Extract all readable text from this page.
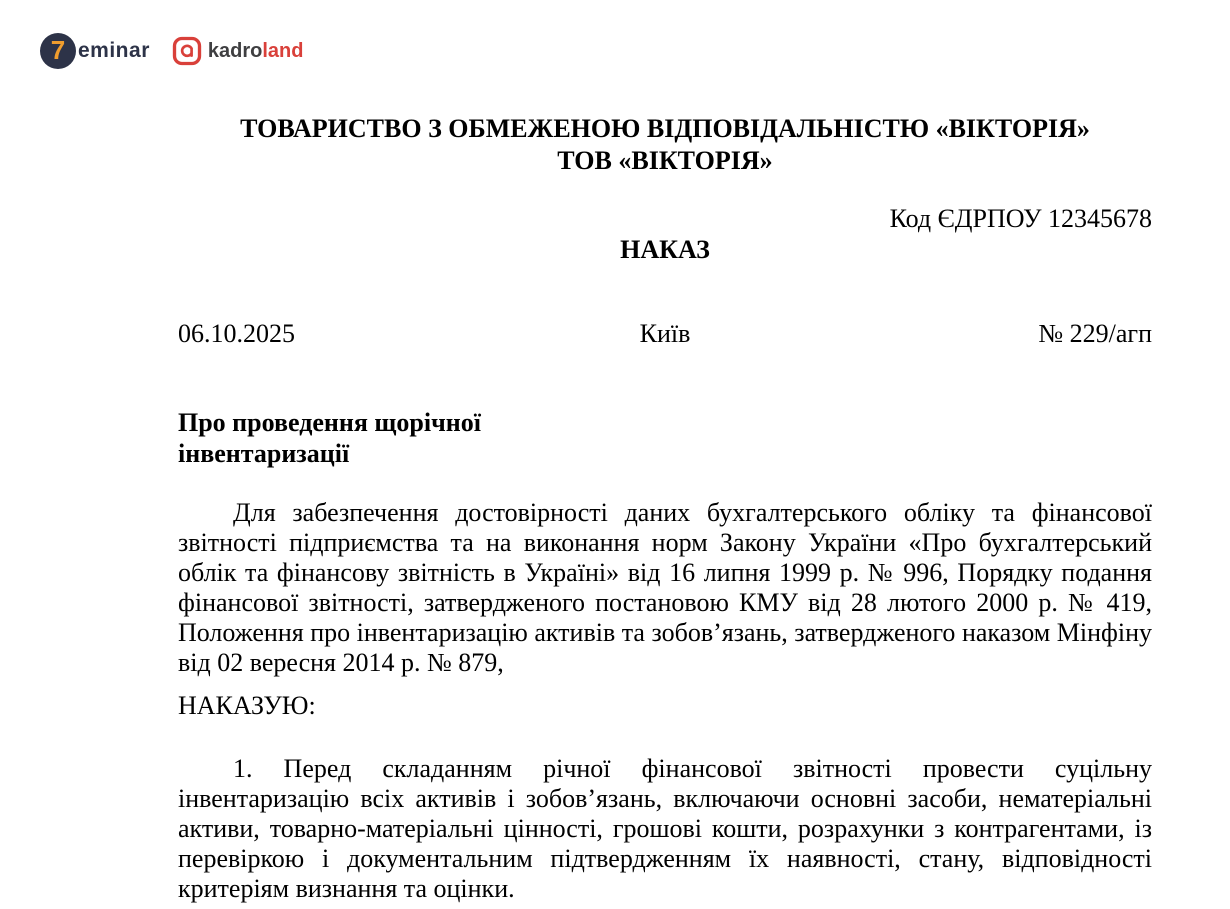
7 eminar	kadroland
ТОВАРИСТВО З ОБМЕЖЕНОЮ ВІДПОВІДАЛЬНІСТЮ «ВІКТОРІЯ»
ТОВ «ВІКТОРІЯ»
Код ЄДРПОУ 12345678
НАКАЗ
06.10.2025	Київ	№ 229/агп
Про проведення щорічної інвентаризації
Для забезпечення достовірності даних бухгалтерського обліку та фінансової звітності підприємства та на виконання норм Закону України «Про бухгалтерський облік та фінансову звітність в Україні» від 16 липня 1999 р. № 996, Порядку подання фінансової звітності, затвердженого постановою КМУ від 28 лютого 2000 р. № 419, Положення про інвентаризацію активів та зобов’язань, затвердженого наказом Мінфіну від 02 вересня 2014 р. № 879,
НАКАЗУЮ:
1. Перед складанням річної фінансової звітності провести суцільну інвентаризацію всіх активів і зобов’язань, включаючи основні засоби, нематеріальні активи, товарно-матеріальні цінності, грошові кошти, розрахунки з контрагентами, із перевіркою і документальним підтвердженням їх наявності, стану, відповідності критеріям визнання та оцінки.
